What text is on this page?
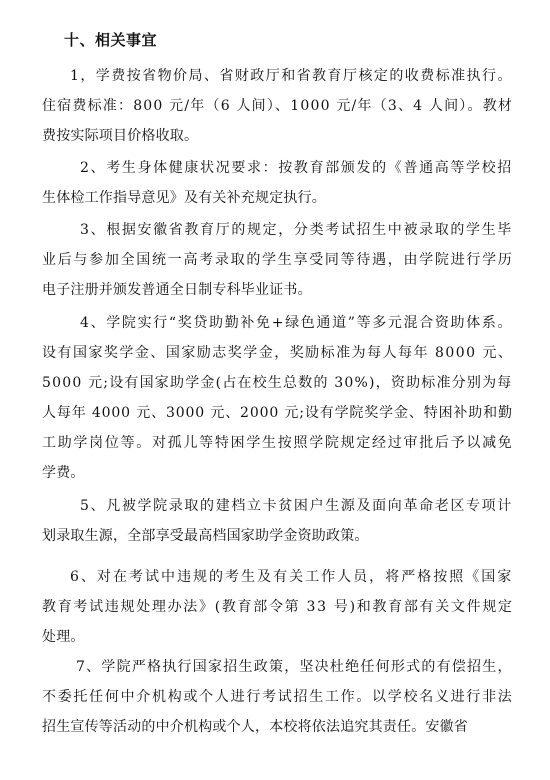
十、相关事宜
1，学费按省物价局、省财政厅和省教育厅核定的收费标准执行。
住宿费标准：800 元/年（6 人间）、1000 元/年（3、4 人间）。教材
费按实际项目价格收取。
2、考生身体健康状况要求：按教育部颁发的《普通高等学校招
生体检工作指导意见》及有关补充规定执行。
3、根据安徽省教育厅的规定，分类考试招生中被录取的学生毕
业后与参加全国统一高考录取的学生享受同等待遇，由学院进行学历
电子注册并颁发普通全日制专科毕业证书。
4、学院实行“奖贷助勤补免+绿色通道”等多元混合资助体系。
设有国家奖学金、国家励志奖学金，奖励标准为每人每年 8000 元、
5000 元;设有国家助学金(占在校生总数的 30%)，资助标准分别为每
人每年 4000 元、3000 元、2000 元;设有学院奖学金、特困补助和勤
工助学岗位等。对孤儿等特困学生按照学院规定经过审批后予以减免
学费。
5、凡被学院录取的建档立卡贫困户生源及面向革命老区专项计
划录取生源，全部享受最高档国家助学金资助政策。
6、对在考试中违规的考生及有关工作人员，将严格按照《国家
教育考试违规处理办法》(教育部令第 33 号)和教育部有关文件规定
处理。
7、学院严格执行国家招生政策，坚决杜绝任何形式的有偿招生，
不委托任何中介机构或个人进行考试招生工作。以学校名义进行非法
招生宣传等活动的中介机构或个人，本校将依法追究其责任。安徽省
